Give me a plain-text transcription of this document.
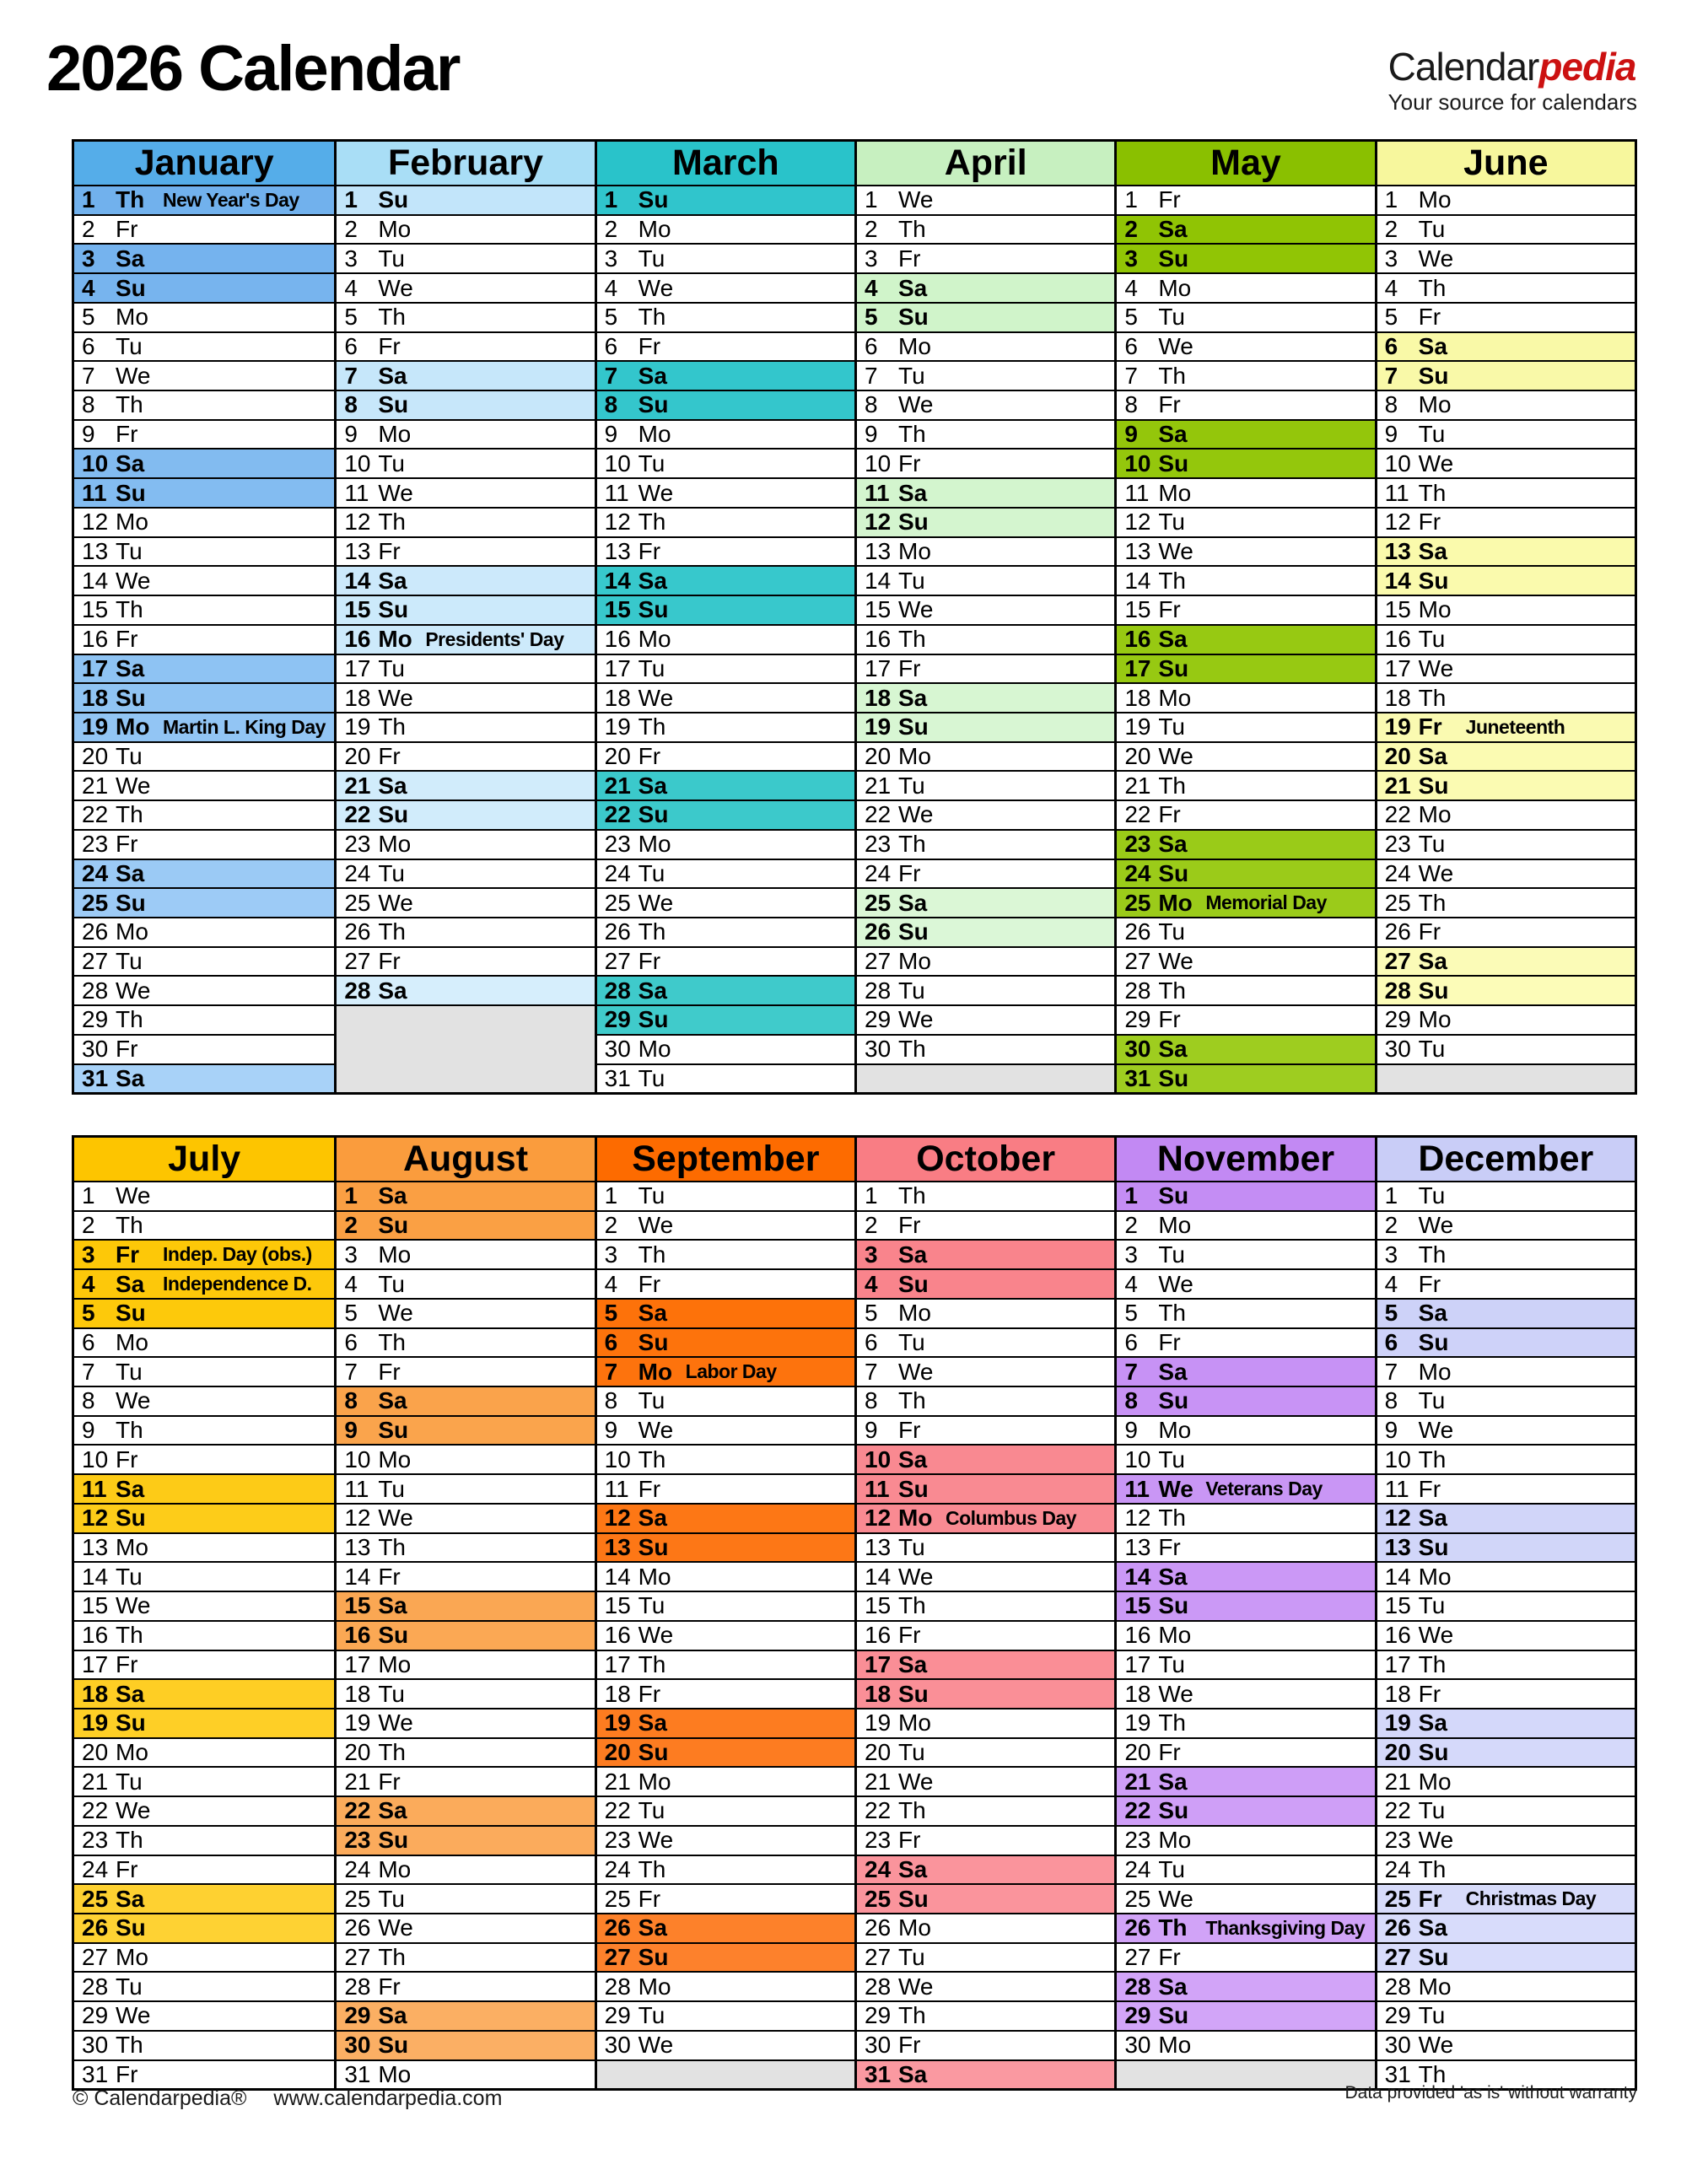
2026 Calendar	Calendarpedia
Your source for calendars
January
1 Th New Year's Day
2 Fr
3 Sa
4 Su
5 Mo
6 Tu
7 We
8 Th
9 Fr
10 Sa
11 Su
12 Mo
13 Tu
14 We
15 Th
16 Fr
17 Sa
18 Su
19 Mo Martin L. King Day
20 Tu
21 We
22 Th
23 Fr
24 Sa
25 Su
26 Mo
27 Tu
28 We
29 Th
30 Fr
31 Sa
February
1 Su
2 Mo
3 Tu
4 We
5 Th
6 Fr
7 Sa
8 Su
9 Mo
10 Tu
11 We
12 Th
13 Fr
14 Sa
15 Su
16 Mo Presidents' Day
17 Tu
18 We
19 Th
20 Fr
21 Sa
22 Su
23 Mo
24 Tu
25 We
26 Th
27 Fr
28 Sa
March
1 Su
2 Mo
3 Tu
4 We
5 Th
6 Fr
7 Sa
8 Su
9 Mo
10 Tu
11 We
12 Th
13 Fr
14 Sa
15 Su
16 Mo
17 Tu
18 We
19 Th
20 Fr
21 Sa
22 Su
23 Mo
24 Tu
25 We
26 Th
27 Fr
28 Sa
29 Su
30 Mo
31 Tu
April
1 We
2 Th
3 Fr
4 Sa
5 Su
6 Mo
7 Tu
8 We
9 Th
10 Fr
11 Sa
12 Su
13 Mo
14 Tu
15 We
16 Th
17 Fr
18 Sa
19 Su
20 Mo
21 Tu
22 We
23 Th
24 Fr
25 Sa
26 Su
27 Mo
28 Tu
29 We
30 Th
May
1 Fr
2 Sa
3 Su
4 Mo
5 Tu
6 We
7 Th
8 Fr
9 Sa
10 Su
11 Mo
12 Tu
13 We
14 Th
15 Fr
16 Sa
17 Su
18 Mo
19 Tu
20 We
21 Th
22 Fr
23 Sa
24 Su
25 Mo Memorial Day
26 Tu
27 We
28 Th
29 Fr
30 Sa
31 Su
June
1 Mo
2 Tu
3 We
4 Th
5 Fr
6 Sa
7 Su
8 Mo
9 Tu
10 We
11 Th
12 Fr
13 Sa
14 Su
15 Mo
16 Tu
17 We
18 Th
19 Fr	Juneteenth
20 Sa
21 Su
22 Mo
23 Tu
24 We
25 Th
26 Fr
27 Sa
28 Su
29 Mo
30 Tu
July
1 We
2 Th
3 Fr	Indep. Day (obs.)
4 Sa Independence D.
5 Su
6 Mo
7 Tu
8 We
9 Th
10 Fr
11 Sa
12 Su
13 Mo
14 Tu
15 We
16 Th
17 Fr
18 Sa
19 Su
20 Mo
21 Tu
22 We
23 Th
24 Fr
25 Sa
26 Su
27 Mo
28 Tu
29 We
30 Th
31 Fr
August
1 Sa
2 Su
3 Mo
4 Tu
5 We
6 Th
7 Fr
8 Sa
9 Su
10 Mo
11 Tu
12 We
13 Th
14 Fr
15 Sa
16 Su
17 Mo
18 Tu
19 We
20 Th
21 Fr
22 Sa
23 Su
24 Mo
25 Tu
26 We
27 Th
28 Fr
29 Sa
30 Su
31 Mo
September
1 Tu
2 We
3 Th
4 Fr
5 Sa
6 Su
7 Mo Labor Day
8 Tu
9 We
10 Th
11 Fr
12 Sa
13 Su
14 Mo
15 Tu
16 We
17 Th
18 Fr
19 Sa
20 Su
21 Mo
22 Tu
23 We
24 Th
25 Fr
26 Sa
27 Su
28 Mo
29 Tu
30 We
October
1 Th
2 Fr
3 Sa
4 Su
5 Mo
6 Tu
7 We
8 Th
9 Fr
10 Sa
11 Su
12 Mo Columbus Day
13 Tu
14 We
15 Th
16 Fr
17 Sa
18 Su
19 Mo
20 Tu
21 We
22 Th
23 Fr
24 Sa
25 Su
26 Mo
27 Tu
28 We
29 Th
30 Fr
31 Sa
November
1 Su
2 Mo
3 Tu
4 We
5 Th
6 Fr
7 Sa
8 Su
9 Mo
10 Tu
11 We Veterans Day
12 Th
13 Fr
14 Sa
15 Su
16 Mo
17 Tu
18 We
19 Th
20 Fr
21 Sa
22 Su
23 Mo
24 Tu
25 We
26 Th Thanksgiving Day
27 Fr
28 Sa
29 Su
30 Mo
December
1 Tu
2 We
3 Th
4 Fr
5 Sa
6 Su
7 Mo
8 Tu
9 We
10 Th
11 Fr
12 Sa
13 Su
14 Mo
15 Tu
16 We
17 Th
18 Fr
19 Sa
20 Su
21 Mo
22 Tu
23 We
24 Th
25 Fr	Christmas Day
26 Sa
27 Su
28 Mo
29 Tu
30 We
31 Th
© Calendarpedia® www.calendarpedia.com	Data provided 'as is' without warranty
